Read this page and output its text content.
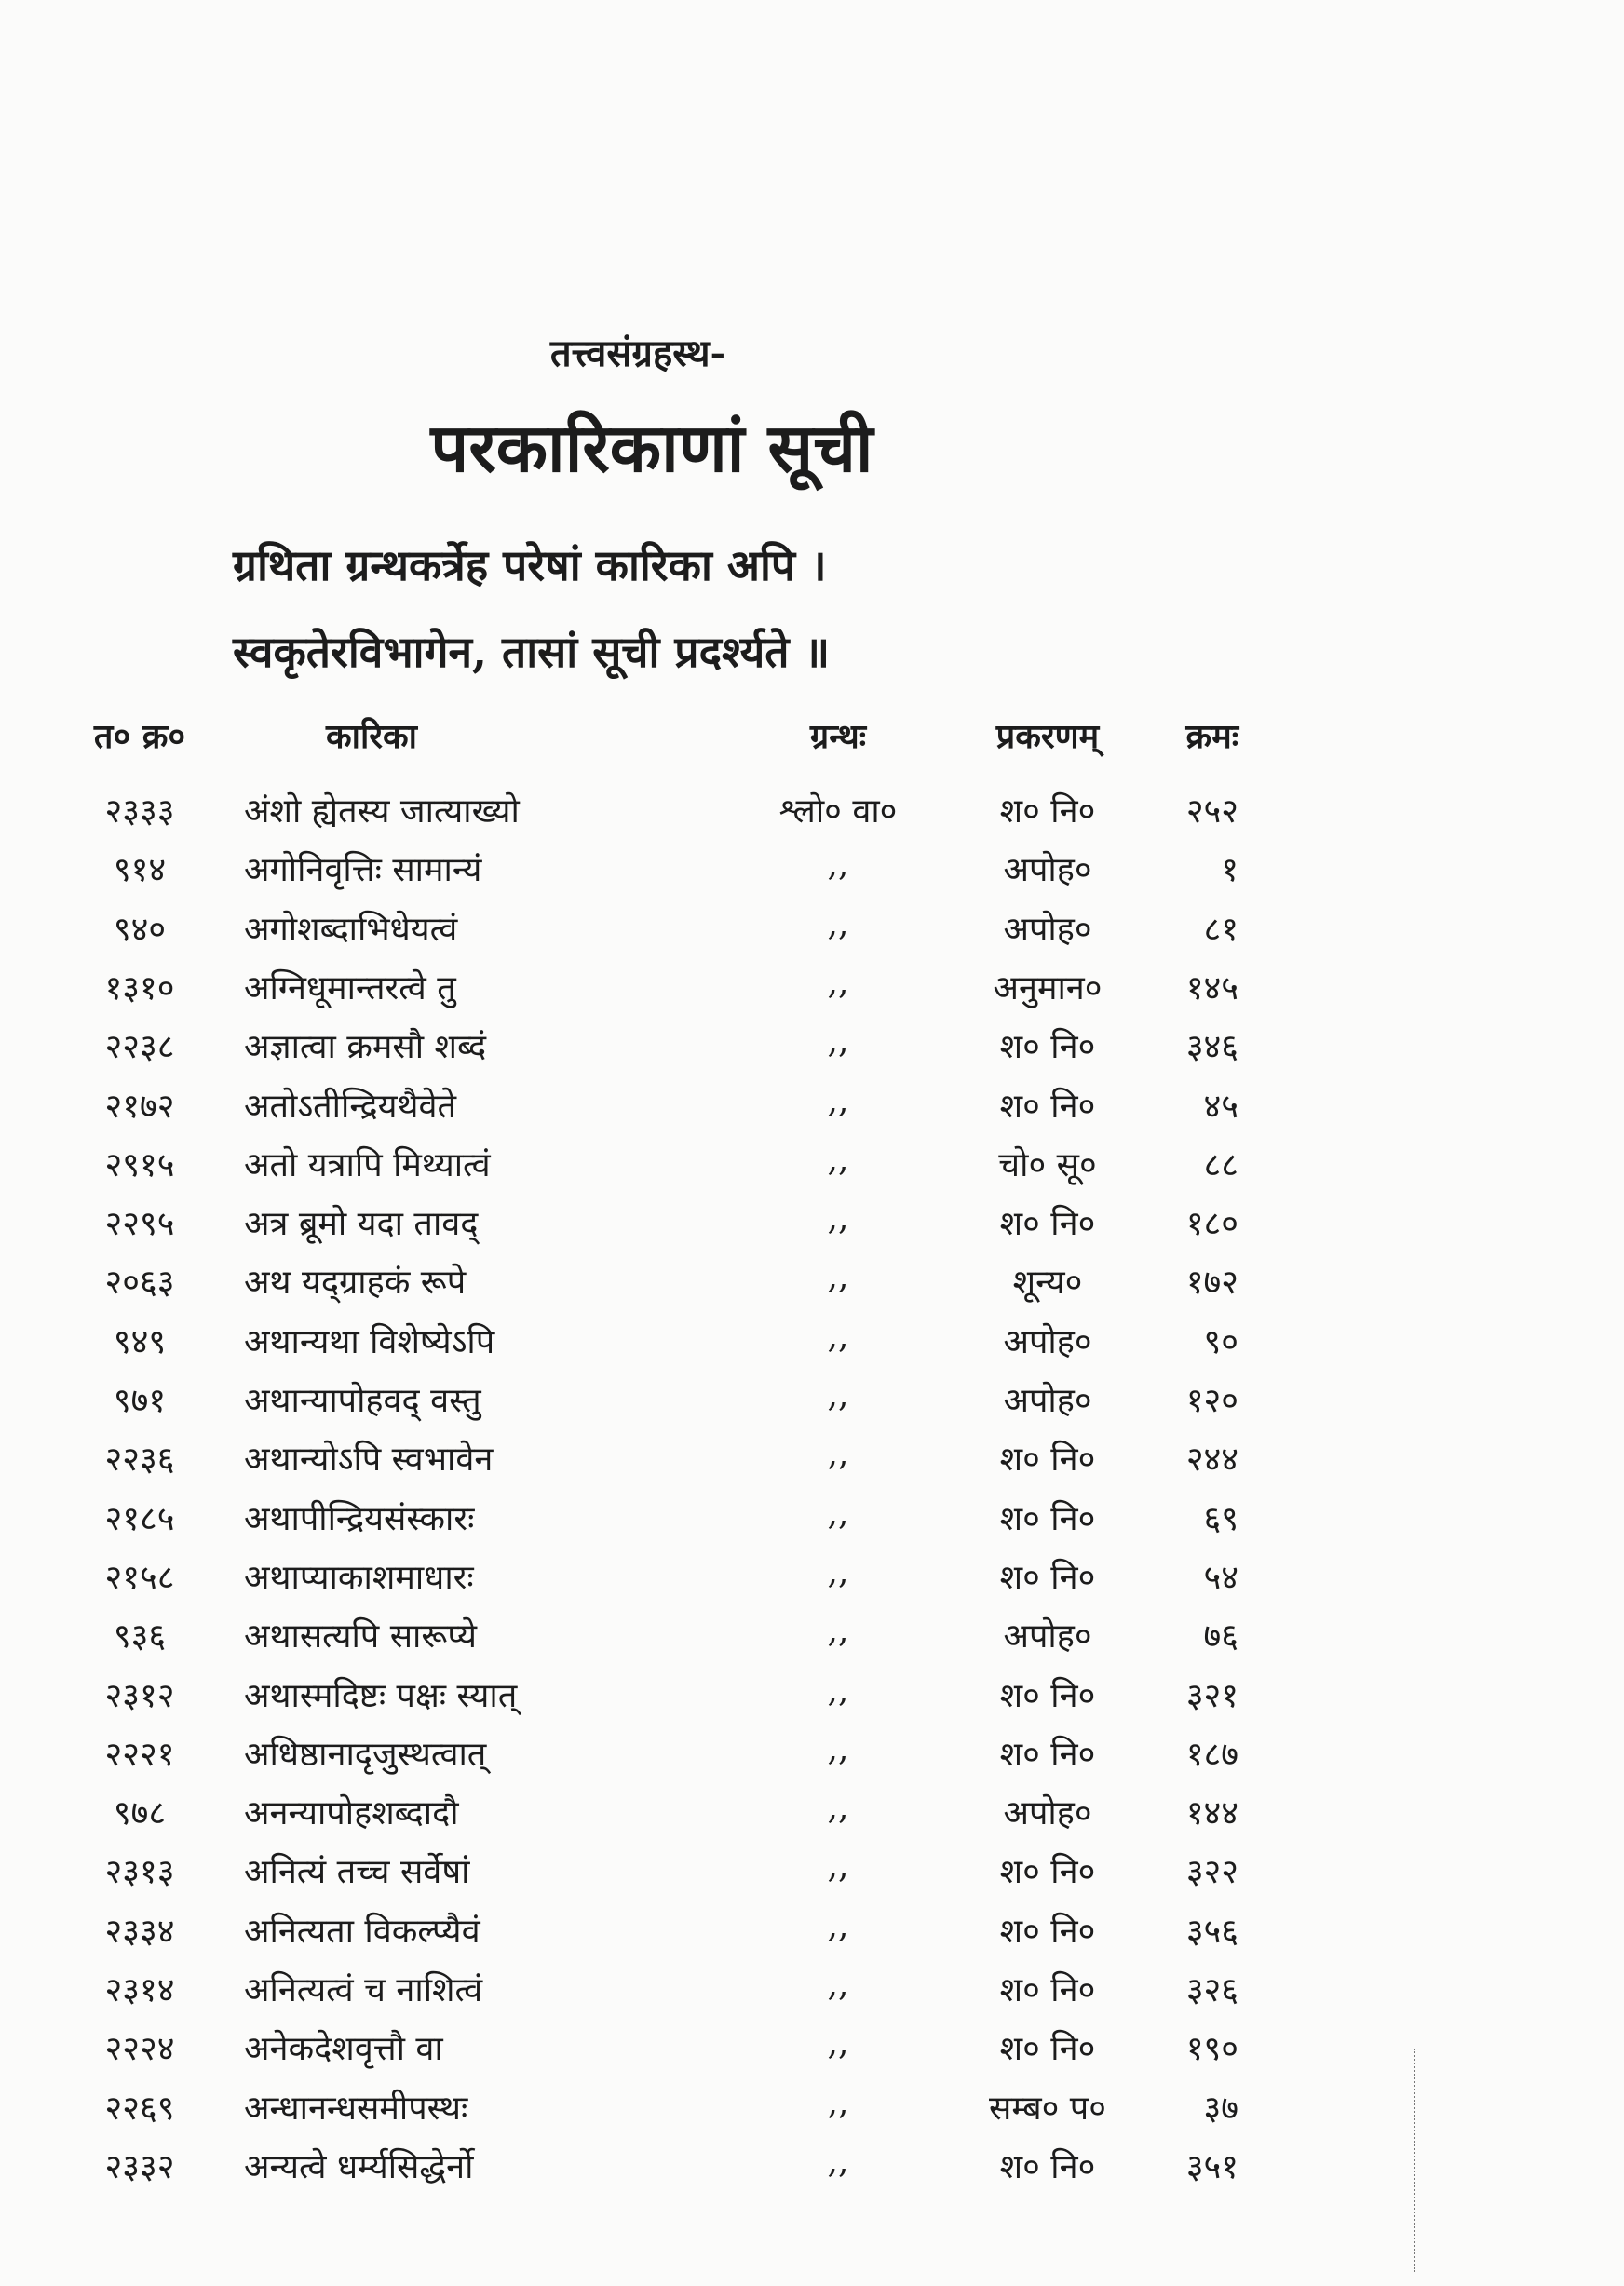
तत्त्वसंग्रहस्थ-
परकारिकाणां सूची
ग्रथिता ग्रन्थकर्त्रेह परेषां कारिका अपि ।
स्वकृतेरविभागेन, तासां सूची प्रदर्श्यते ॥
त० क्र०	कारिका	ग्रन्थः	प्रकरणम्	क्रमः
२३३३	अंशो ह्येतस्य जात्याख्यो	श्लो० वा०	श० नि०	२५२
९१४	अगोनिवृत्तिः सामान्यं	,,	अपोह०	१
९४०	अगोशब्दाभिधेयत्वं	,,	अपोह०	८१
१३१०	अग्निधूमान्तरत्वे तु	,,	अनुमान०	१४५
२२३८	अज्ञात्वा क्रमसौ शब्दं	,,	श० नि०	३४६
२१७२	अतोऽतीन्द्रियथैवेते	,,	श० नि०	४५
२९१५	अतो यत्रापि मिथ्यात्वं	,,	चो० सू०	८८
२२९५	अत्र ब्रूमो यदा तावद्	,,	श० नि०	१८०
२०६३	अथ यद्ग्राहकं रूपे	,,	शून्य०	१७२
९४९	अथान्यथा विशेष्येऽपि	,,	अपोह०	९०
९७१	अथान्यापोहवद् वस्तु	,,	अपोह०	१२०
२२३६	अथान्योऽपि स्वभावेन	,,	श० नि०	२४४
२१८५	अथापीन्द्रियसंस्कारः	,,	श० नि०	६९
२१५८	अथाप्याकाशमाधारः	,,	श० नि०	५४
९३६	अथासत्यपि सारूप्ये	,,	अपोह०	७६
२३१२	अथास्मदिष्टः पक्षः स्यात्	,,	श० नि०	३२१
२२२१	अधिष्ठानादृजुस्थत्वात्	,,	श० नि०	१८७
९७८	अनन्यापोहशब्दादौ	,,	अपोह०	१४४
२३१३	अनित्यं तच्च सर्वेषां	,,	श० नि०	३२२
२३३४	अनित्यता विकल्प्यैवं	,,	श० नि०	३५६
२३१४	अनित्यत्वं च नाशित्वं	,,	श० नि०	३२६
२२२४	अनेकदेशवृत्तौ वा	,,	श० नि०	१९०
२२६९	अन्धानन्धसमीपस्थः	,,	सम्ब० प०	३७
२३३२	अन्यत्वे धर्म्यसिद्धेर्नो	,,	श० नि०	३५१
